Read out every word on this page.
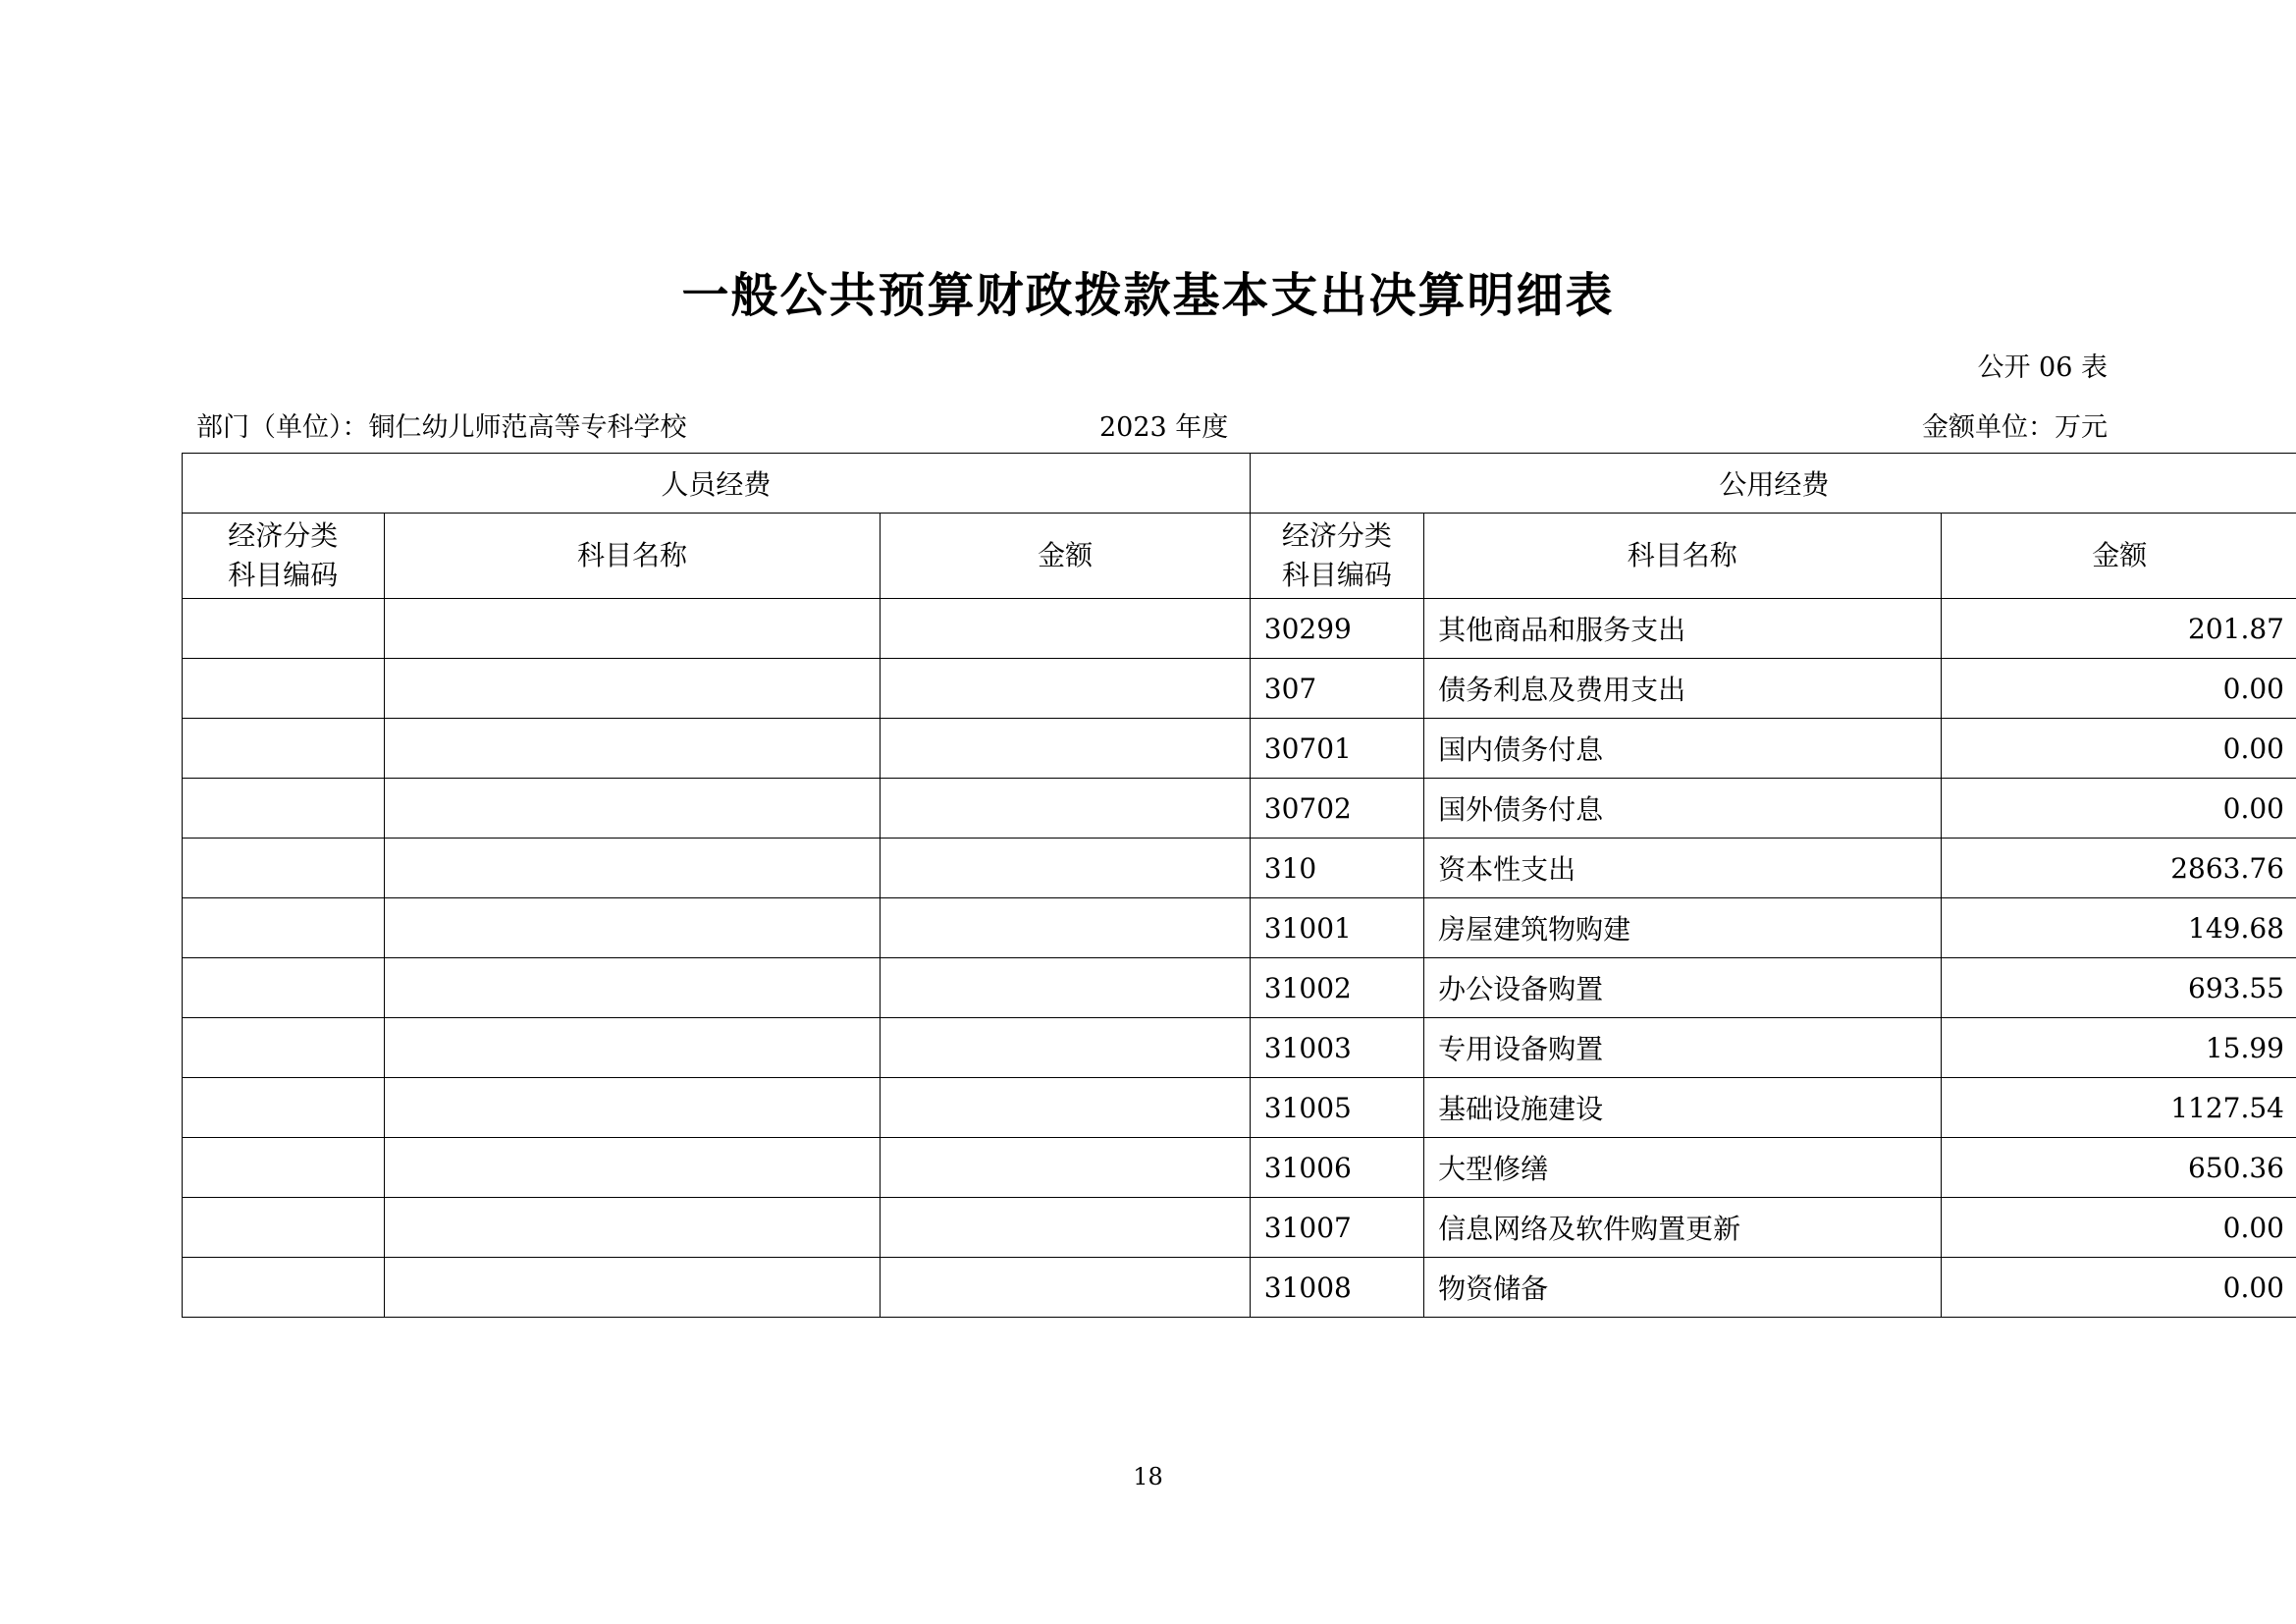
一般公共预算财政拨款基本支出决算明细表
公开 06 表
部门（单位）：铜仁幼儿师范高等专科学校	2023 年度	金额单位：万元
人员经费			公用经费		
经济分类
科目编码	科目名称	金额	经济分类
科目编码	科目名称	金额
			30299	其他商品和服务支出	201.87
			307	债务利息及费用支出	0.00
			30701	国内债务付息	0.00
			30702	国外债务付息	0.00
			310	资本性支出	2863.76
			31001	房屋建筑物购建	149.68
			31002	办公设备购置	693.55
			31003	专用设备购置	15.99
			31005	基础设施建设	1127.54
			31006	大型修缮	650.36
			31007	信息网络及软件购置更新	0.00
			31008	物资储备	0.00
18
